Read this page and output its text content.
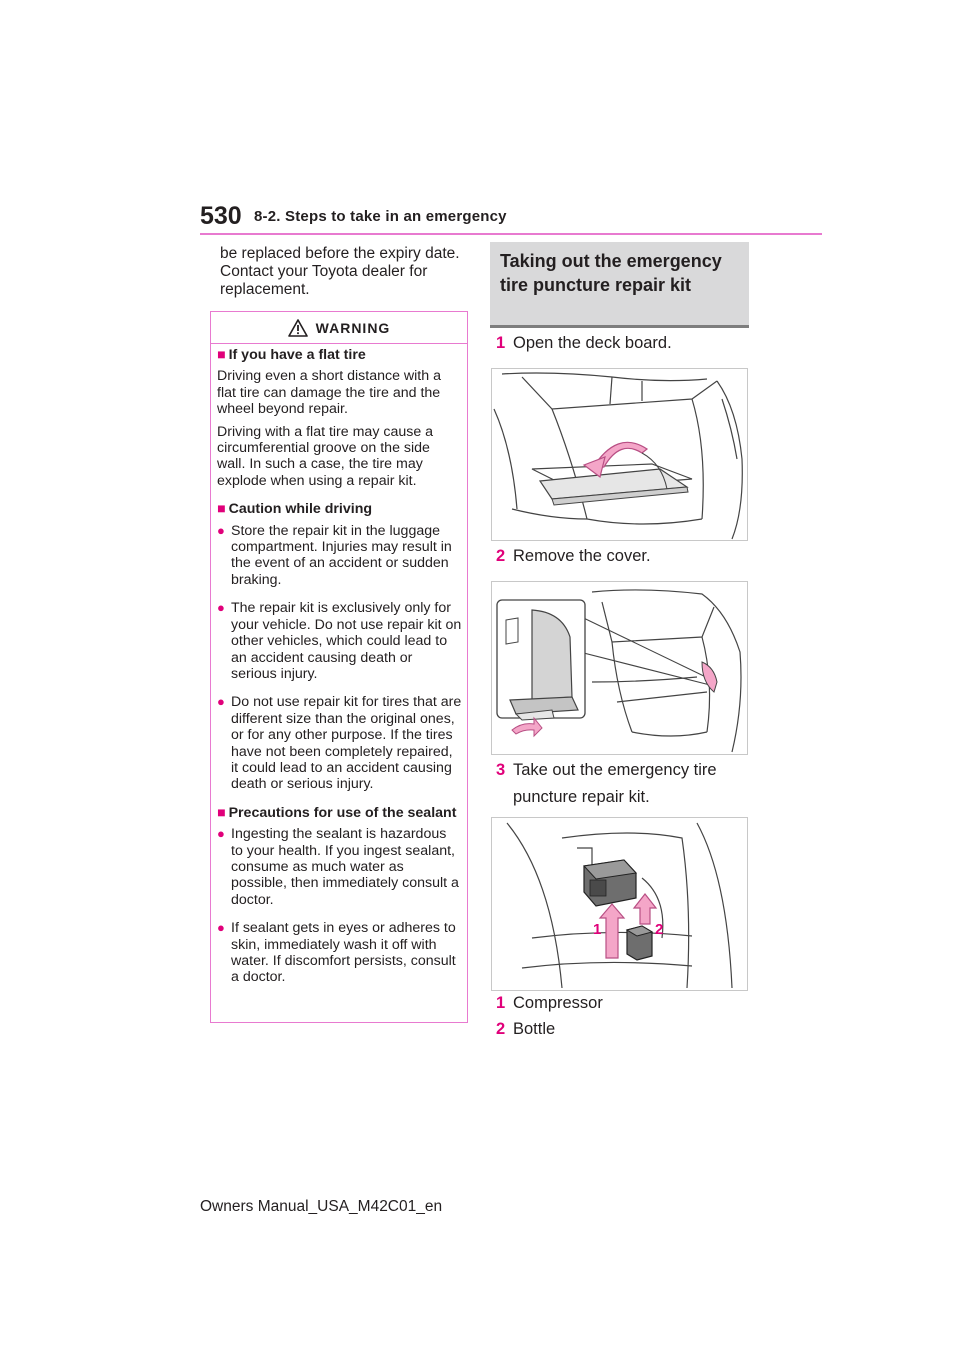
530 8-2. Steps to take in an emergency
be replaced before the expiry date. Contact your Toyota dealer for replacement.
WARNING
■ If you have a flat tire

Driving even a short distance with a flat tire can damage the tire and the wheel beyond repair.

Driving with a flat tire may cause a circumferential groove on the side wall. In such a case, the tire may explode when using a repair kit.

■ Caution while driving
● Store the repair kit in the luggage compartment. Injuries may result in the event of an accident or sudden braking.
● The repair kit is exclusively only for your vehicle. Do not use repair kit on other vehicles, which could lead to an accident causing death or serious injury.
● Do not use repair kit for tires that are different size than the original ones, or for any other purpose. If the tires have not been completely repaired, it could lead to an accident causing death or serious injury.
■ Precautions for use of the sealant
● Ingesting the sealant is hazardous to your health. If you ingest sealant, consume as much water as possible, then immediately consult a doctor.
● If sealant gets in eyes or adheres to skin, immediately wash it off with water. If discomfort persists, consult a doctor.
Taking out the emergency tire puncture repair kit
1 Open the deck board.
2 Remove the cover.
3 Take out the emergency tire puncture repair kit.
1	2
1 Compressor
2 Bottle
Owners Manual_USA_M42C01_en
